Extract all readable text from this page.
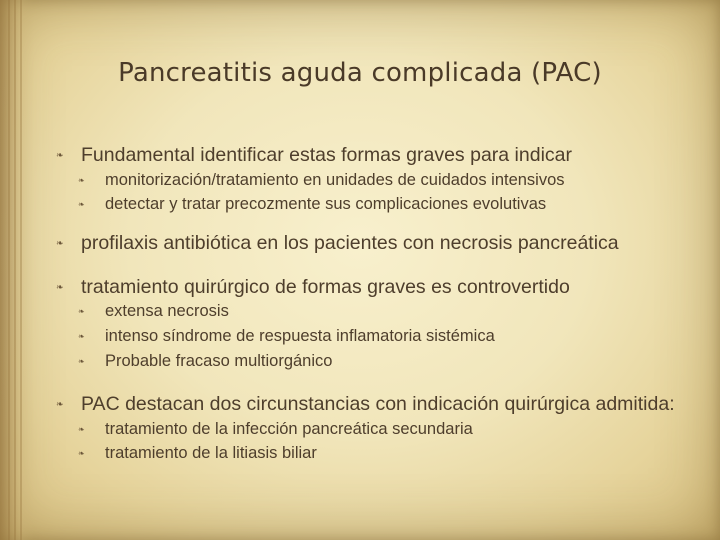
Pancreatitis aguda complicada (PAC)
❧ Fundamental identificar estas formas graves para indicar
❧	monitorización/tratamiento en unidades de cuidados intensivos
❧	detectar y tratar precozmente sus complicaciones evolutivas
❧ profilaxis antibiótica en los pacientes con necrosis pancreática
❧ tratamiento quirúrgico de formas graves es controvertido
❧	extensa necrosis
❧	intenso síndrome de respuesta inflamatoria sistémica
❧	Probable fracaso multiorgánico
❧ PAC destacan dos circunstancias con indicación quirúrgica admitida:
❧	tratamiento de la infección pancreática secundaria
❧	tratamiento de la litiasis biliar
